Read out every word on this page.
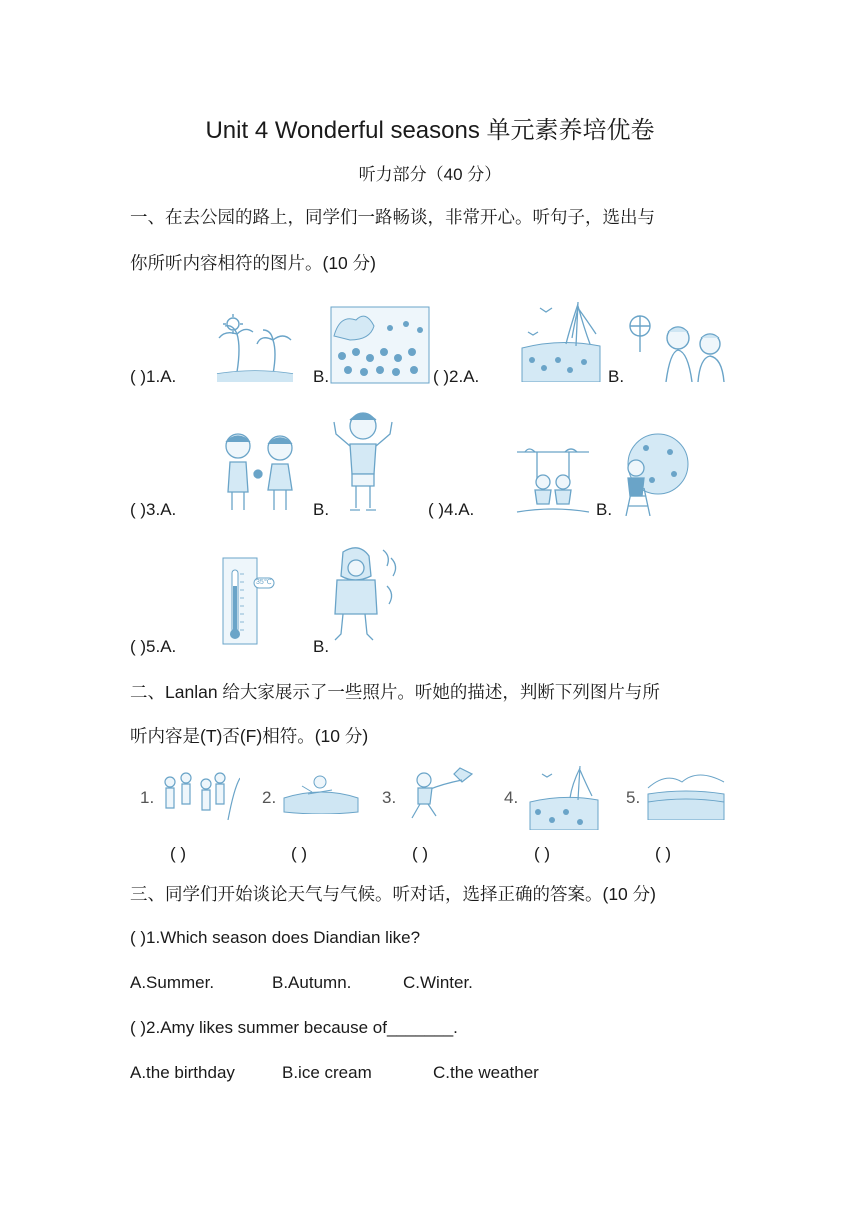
Unit 4 Wonderful seasons 单元素养培优卷
听力部分（40 分）
一、在去公园的路上，同学们一路畅谈，非常开心。听句子，选出与
你所听内容相符的图片。(10 分)
( )1.A.	B.	( )2.A.	B.
( )3.A.	B.	( )4.A.	B.
( )5.A.
35℃
B.
二、Lanlan 给大家展示了一些照片。听她的描述，判断下列图片与所
听内容是(T)否(F)相符。(10 分)
1.	2.	3.	4.	5.
( )	( )	( )	( )	( )
三、同学们开始谈论天气与气候。听对话，选择正确的答案。(10 分)
( )1.Which season does Diandian like?
A.Summer.	B.Autumn.	C.Winter.
( )2.Amy likes summer because of_______.
A.the birthday	B.ice cream	C.the weather
